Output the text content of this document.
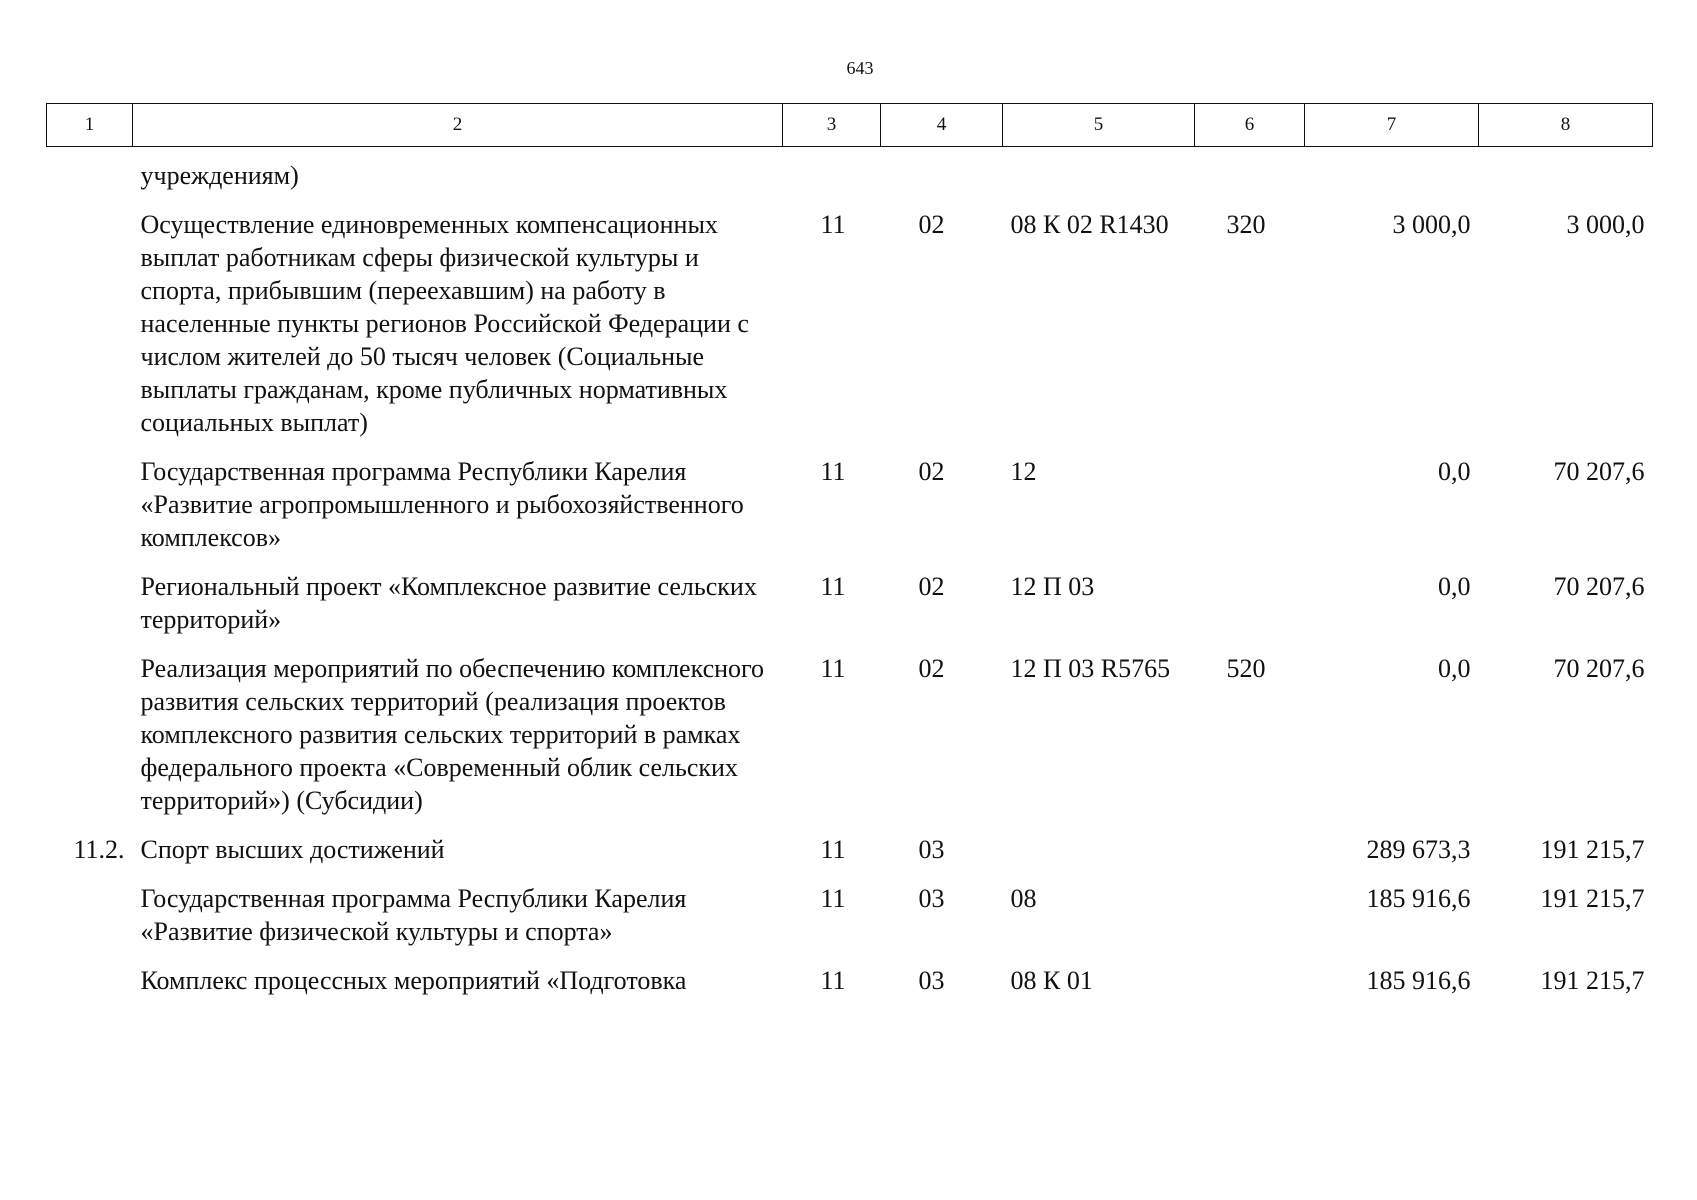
643
1	2	3	4	5	6	7	8
	учреждениям)						
	Осуществление единовременных компенсационных выплат работникам сферы физической культуры и спорта, прибывшим (переехавшим) на работу в населенные пункты регионов Российской Федерации с числом жителей до 50 тысяч человек (Социальные выплаты гражданам, кроме публичных нормативных социальных выплат)	11	02	08 К 02 R1430	320	3 000,0	3 000,0
	Государственная программа Республики Карелия «Развитие агропромышленного и рыбохозяйственного комплексов»	11	02	12		0,0	70 207,6
	Региональный проект «Комплексное развитие сельских территорий»	11	02	12 П 03		0,0	70 207,6
	Реализация мероприятий по обеспечению комплексного развития сельских территорий (реализация проектов комплексного развития сельских территорий в рамках федерального проекта «Современный облик сельских территорий») (Субсидии)	11	02	12 П 03 R5765	520	0,0	70 207,6
11.2.	Спорт высших достижений	11	03			289 673,3	191 215,7
	Государственная программа Республики Карелия «Развитие физической культуры и спорта»	11	03	08		185 916,6	191 215,7
	Комплекс процессных мероприятий «Подготовка	11	03	08 К 01		185 916,6	191 215,7
